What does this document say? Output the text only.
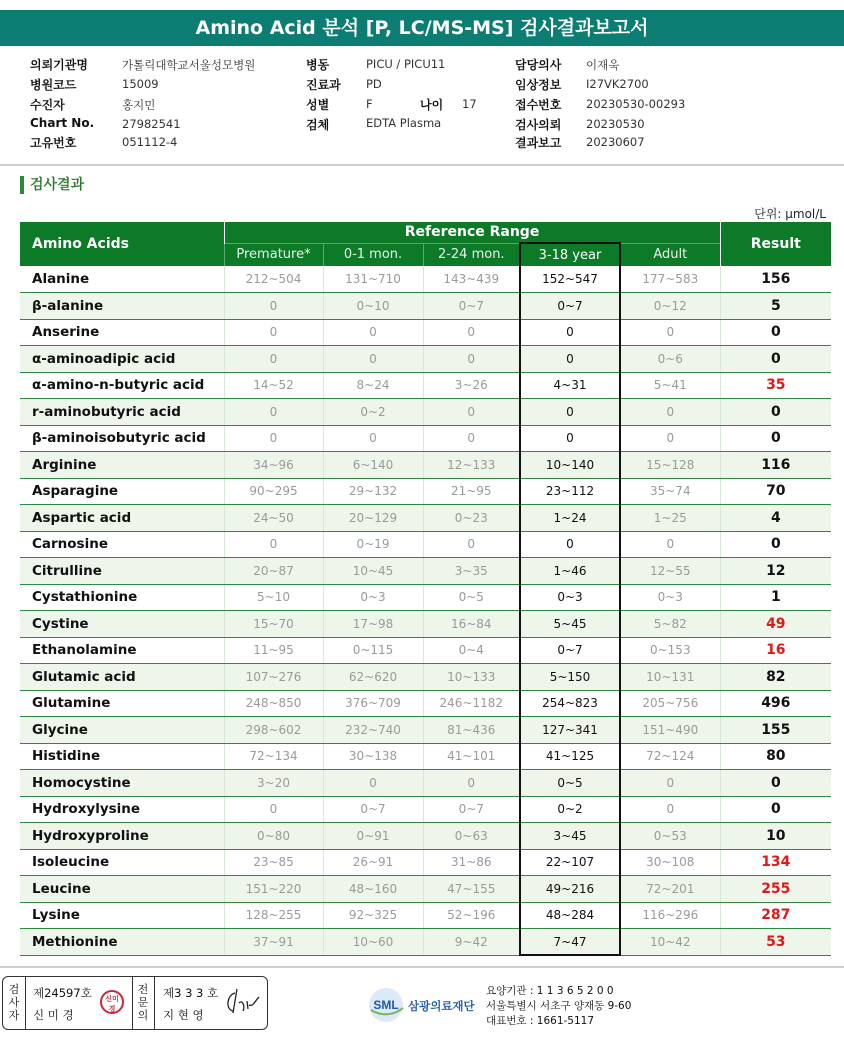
Amino Acid 분석 [P, LC/MS-MS] 검사결과보고서
의뢰기관명	가톨릭대학교서울성모병원
병원코드	15009
수진자	홍지민
Chart No. 27982541
고유번호	051112-4
병동	PICU / PICU11
진료과 PD
성별	F	나이 17
검체	EDTA Plasma
담당의사 이재욱
임상정보 I27VK2700
접수번호 20230530-00293
검사의뢰 20230530
결과보고 20230607
검사결과
단위: μmol/L
Amino Acids	Reference Range					Result
	Premature*	0-1 mon.	2-24 mon.	3-18 year	Adult	
Alanine	212~504	131~710	143~439	152~547	177~583	156
β-alanine	0	0~10	0~7	0~7	0~12	5
Anserine	0	0	0	0	0	0
α-aminoadipic acid	0	0	0	0	0~6	0
α-amino-n-butyric acid	14~52	8~24	3~26	4~31	5~41	35
r-aminobutyric acid	0	0~2	0	0	0	0
β-aminoisobutyric acid	0	0	0	0	0	0
Arginine	34~96	6~140	12~133	10~140	15~128	116
Asparagine	90~295	29~132	21~95	23~112	35~74	70
Aspartic acid	24~50	20~129	0~23	1~24	1~25	4
Carnosine	0	0~19	0	0	0	0
Citrulline	20~87	10~45	3~35	1~46	12~55	12
Cystathionine	5~10	0~3	0~5	0~3	0~3	1
Cystine	15~70	17~98	16~84	5~45	5~82	49
Ethanolamine	11~95	0~115	0~4	0~7	0~153	16
Glutamic acid	107~276	62~620	10~133	5~150	10~131	82
Glutamine	248~850	376~709	246~1182	254~823	205~756	496
Glycine	298~602	232~740	81~436	127~341	151~490	155
Histidine	72~134	30~138	41~101	41~125	72~124	80
Homocystine	3~20	0	0	0~5	0	0
Hydroxylysine	0	0~7	0~7	0~2	0	0
Hydroxyproline	0~80	0~91	0~63	3~45	0~53	10
Isoleucine	23~85	26~91	31~86	22~107	30~108	134
Leucine	151~220	48~160	47~155	49~216	72~201	255
Lysine	128~255	92~325	52~196	48~284	116~296	287
Methionine	37~91	10~60	9~42	7~47	10~42	53
검사자
제24597호
신 미 경
신미경
전문의
제3 3 3 호
지 현 영
SML 삼광의료재단
요양기관 : 1 1 3 6 5 2 0 0
서울특별시 서초구 양재동 9-60
대표번호 : 1661-5117
